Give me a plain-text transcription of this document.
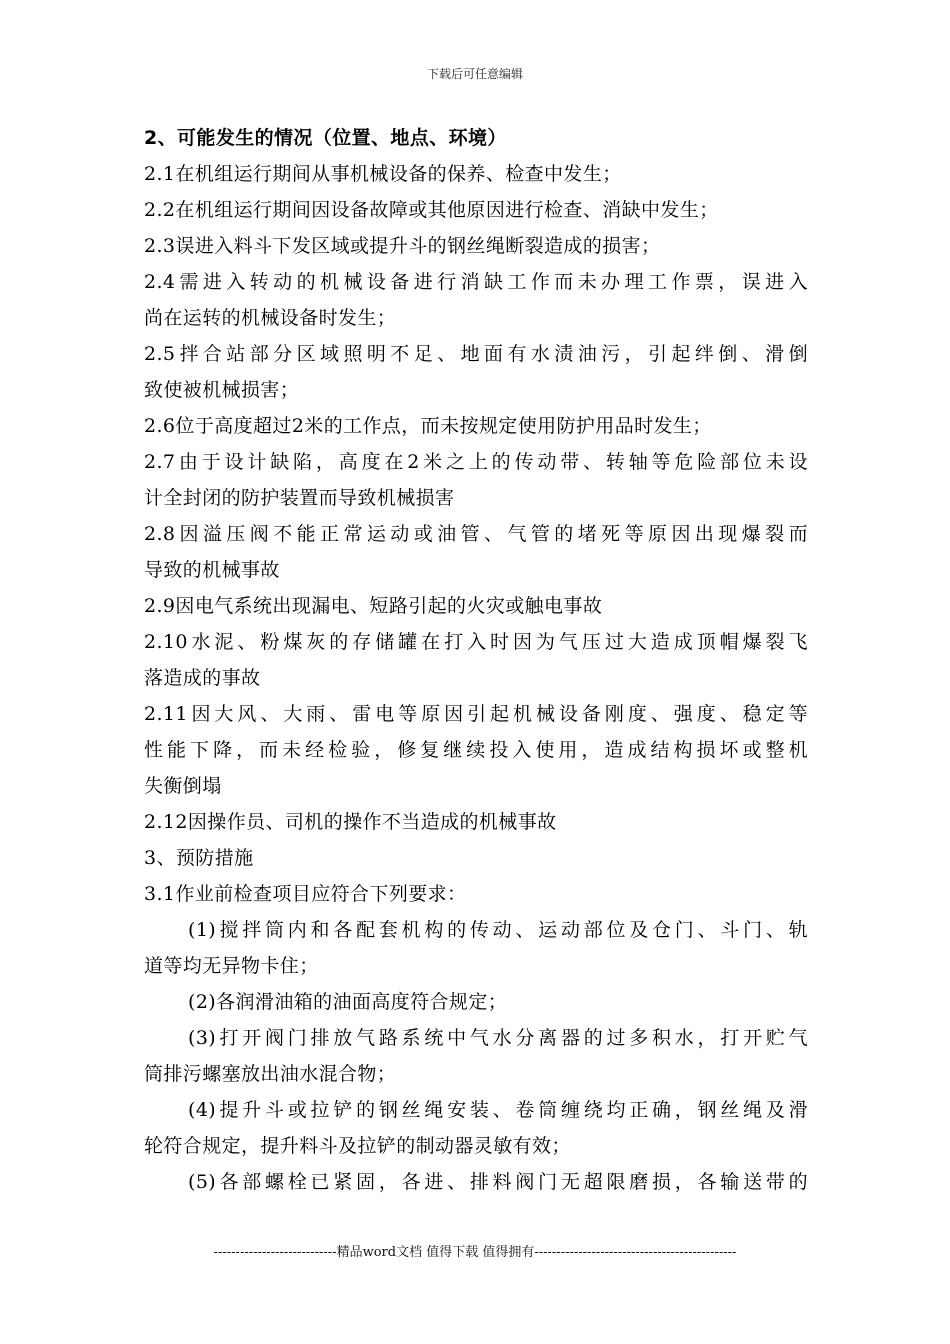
下载后可任意编辑
2、可能发生的情况（位置、地点、环境）
2.1在机组运行期间从事机械设备的保养、检查中发生；
2.2在机组运行期间因设备故障或其他原因进行检查、消缺中发生；
2.3误进入料斗下发区域或提升斗的钢丝绳断裂造成的损害；
2.4需进入转动的机械设备进行消缺工作而未办理工作票，误进入
尚在运转的机械设备时发生；
2.5拌合站部分区域照明不足、地面有水渍油污，引起绊倒、滑倒
致使被机械损害；
2.6位于高度超过2米的工作点，而未按规定使用防护用品时发生；
2.7由于设计缺陷，高度在2米之上的传动带、转轴等危险部位未设
计全封闭的防护装置而导致机械损害
2.8因溢压阀不能正常运动或油管、气管的堵死等原因出现爆裂而
导致的机械事故
2.9因电气系统出现漏电、短路引起的火灾或触电事故
2.10水泥、粉煤灰的存储罐在打入时因为气压过大造成顶帽爆裂飞
落造成的事故
2.11因大风、大雨、雷电等原因引起机械设备刚度、强度、稳定等
性能下降，而未经检验，修复继续投入使用，造成结构损坏或整机
失衡倒塌
2.12因操作员、司机的操作不当造成的机械事故
3、预防措施
3.1作业前检查项目应符合下列要求：
(1)搅拌筒内和各配套机构的传动、运动部位及仓门、斗门、轨
道等均无异物卡住；
(2)各润滑油箱的油面高度符合规定；
(3)打开阀门排放气路系统中气水分离器的过多积水，打开贮气
筒排污螺塞放出油水混合物；
(4)提升斗或拉铲的钢丝绳安装、卷筒缠绕均正确，钢丝绳及滑
轮符合规定，提升料斗及拉铲的制动器灵敏有效；
(5)各部螺栓已紧固，各进、排料阀门无超限磨损，各输送带的
----------------------------精品word文档 值得下载 值得拥有----------------------------------------------
